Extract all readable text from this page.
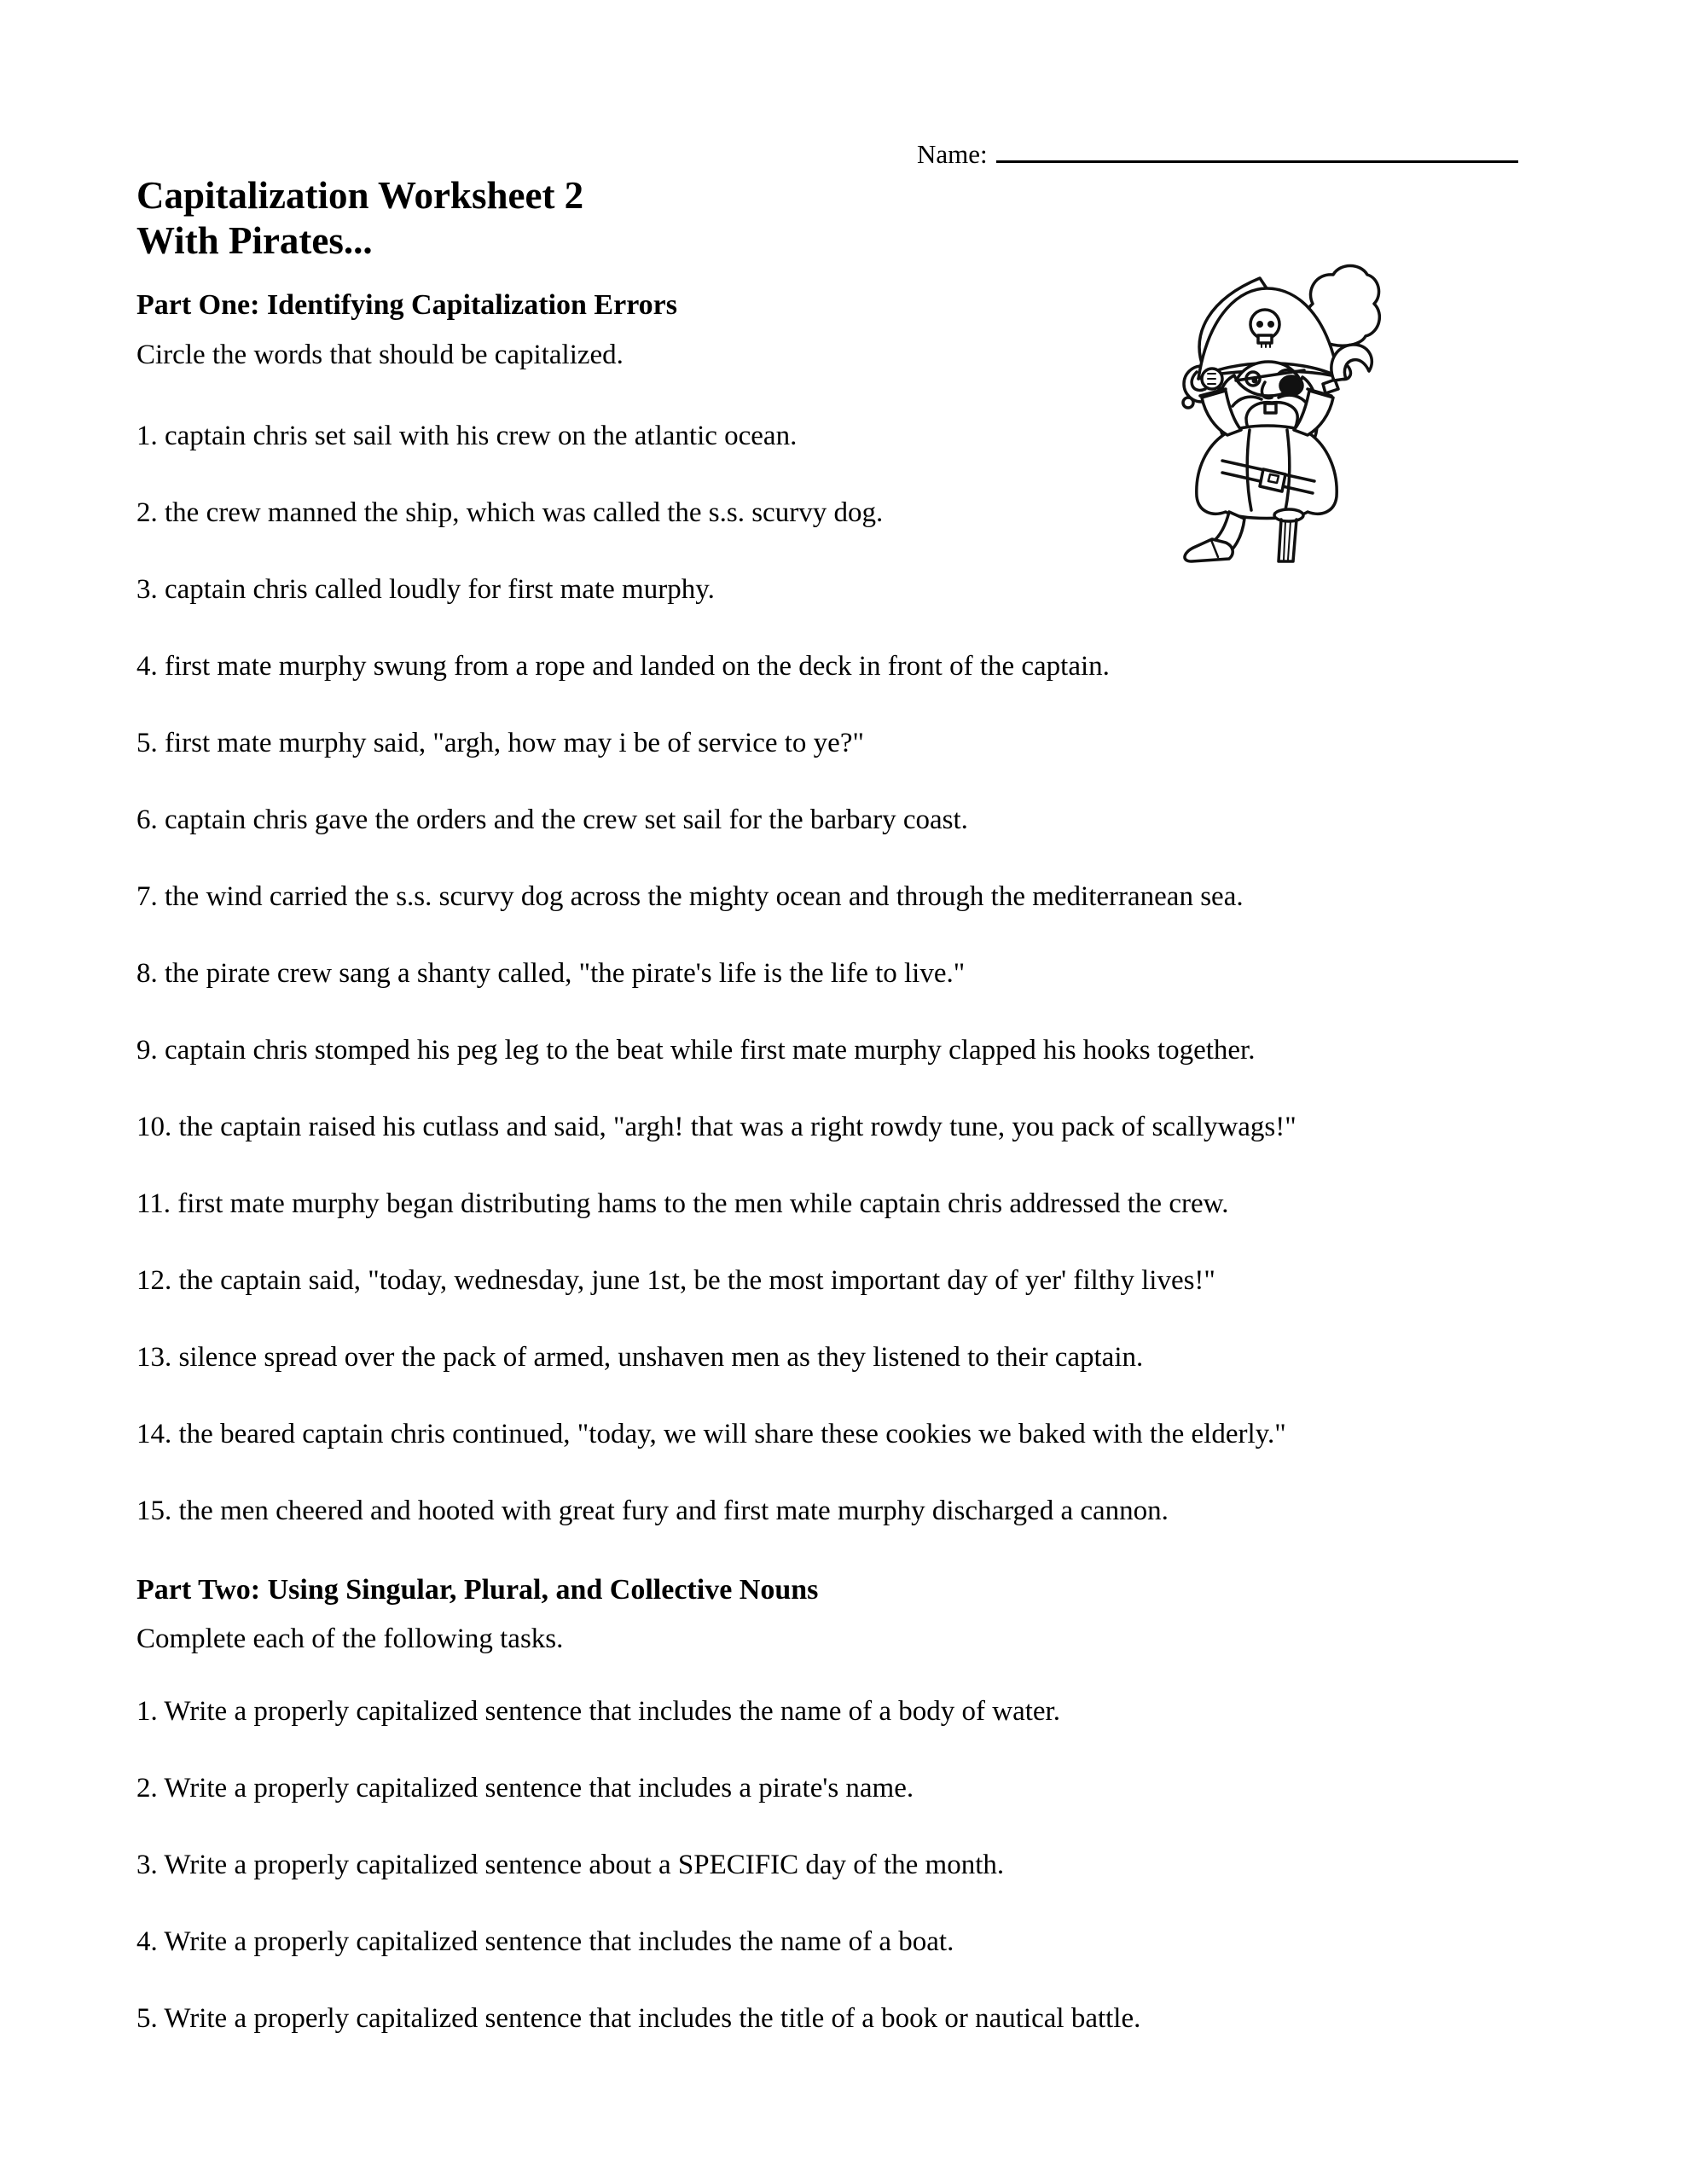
Name:
Capitalization Worksheet 2
With Pirates...
Part One: Identifying Capitalization Errors
Circle the words that should be capitalized.

1. captain chris set sail with his crew on the atlantic ocean.

2. the crew manned the ship, which was called the s.s. scurvy dog.

3. captain chris called loudly for first mate murphy.

4. first mate murphy swung from a rope and landed on the deck in front of the captain.

5. first mate murphy said, "argh, how may i be of service to ye?"

6. captain chris gave the orders and the crew set sail for the barbary coast.

7. the wind carried the s.s. scurvy dog across the mighty ocean and through the mediterranean sea.

8. the pirate crew sang a shanty called, "the pirate's life is the life to live."

9. captain chris stomped his peg leg to the beat while first mate murphy clapped his hooks together.

10. the captain raised his cutlass and said, "argh! that was a right rowdy tune, you pack of scallywags!"

11. first mate murphy began distributing hams to the men while captain chris addressed the crew.

12. the captain said, "today, wednesday, june 1st, be the most important day of yer' filthy lives!"

13. silence spread over the pack of armed, unshaven men as they listened to their captain.

14. the beared captain chris continued, "today, we will share these cookies we baked with the elderly."

15. the men cheered and hooted with great fury and first mate murphy discharged a cannon.

Part Two: Using Singular, Plural, and Collective Nouns
Complete each of the following tasks.

1. Write a properly capitalized sentence that includes the name of a body of water.

2. Write a properly capitalized sentence that includes a pirate's name.

3. Write a properly capitalized sentence about a SPECIFIC day of the month.

4. Write a properly capitalized sentence that includes the name of a boat.

5. Write a properly capitalized sentence that includes the title of a book or nautical battle.
